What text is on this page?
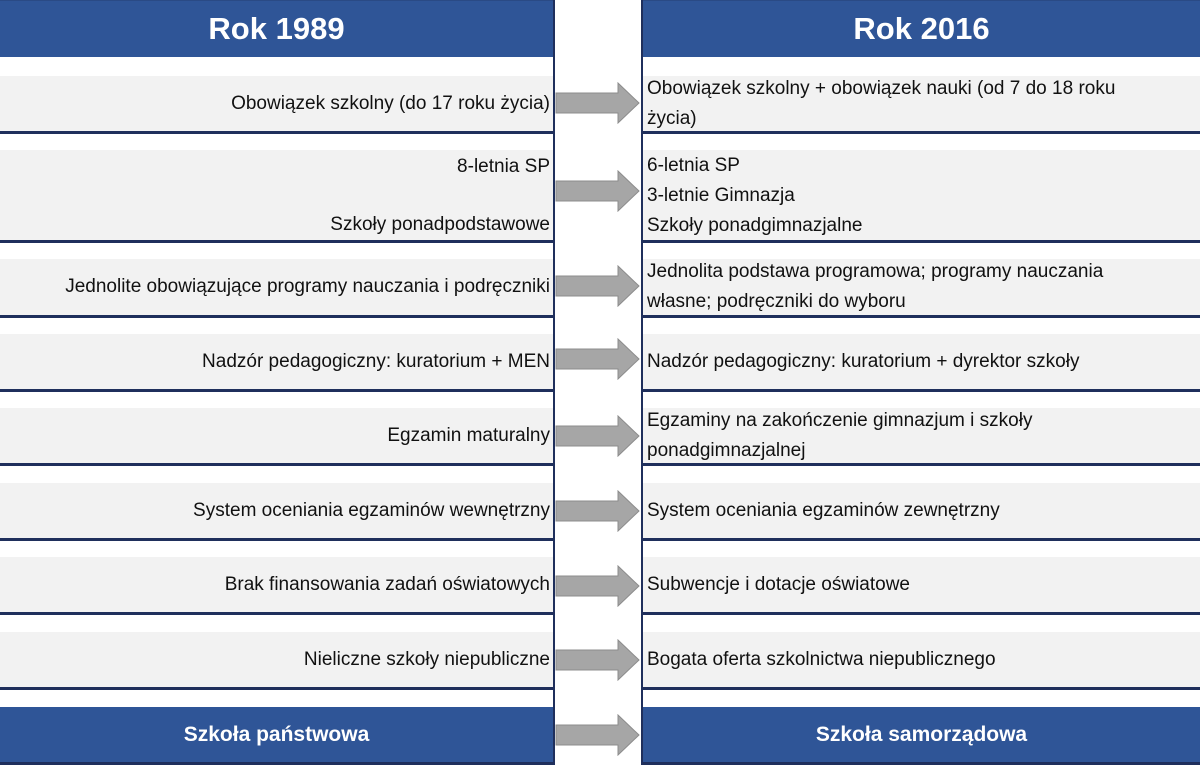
Rok 1989
Obowiązek szkolny (do 17 roku życia)
8-letnia SP
Szkoły ponadpodstawowe
Jednolite obowiązujące programy nauczania i podręczniki
Nadzór pedagogiczny: kuratorium + MEN
Egzamin maturalny
System oceniania egzaminów wewnętrzny
Brak finansowania zadań oświatowych
Nieliczne szkoły niepubliczne
Szkoła państwowa
Rok 2016
Obowiązek szkolny + obowiązek nauki (od 7 do 18 roku
życia)
6-letnia SP
3-letnie Gimnazja
Szkoły ponadgimnazjalne
Jednolita podstawa programowa; programy nauczania
własne; podręczniki do wyboru
Nadzór pedagogiczny: kuratorium + dyrektor szkoły
Egzaminy na zakończenie gimnazjum i szkoły
ponadgimnazjalnej
System oceniania egzaminów zewnętrzny
Subwencje i dotacje oświatowe
Bogata oferta szkolnictwa niepublicznego
Szkoła samorządowa
